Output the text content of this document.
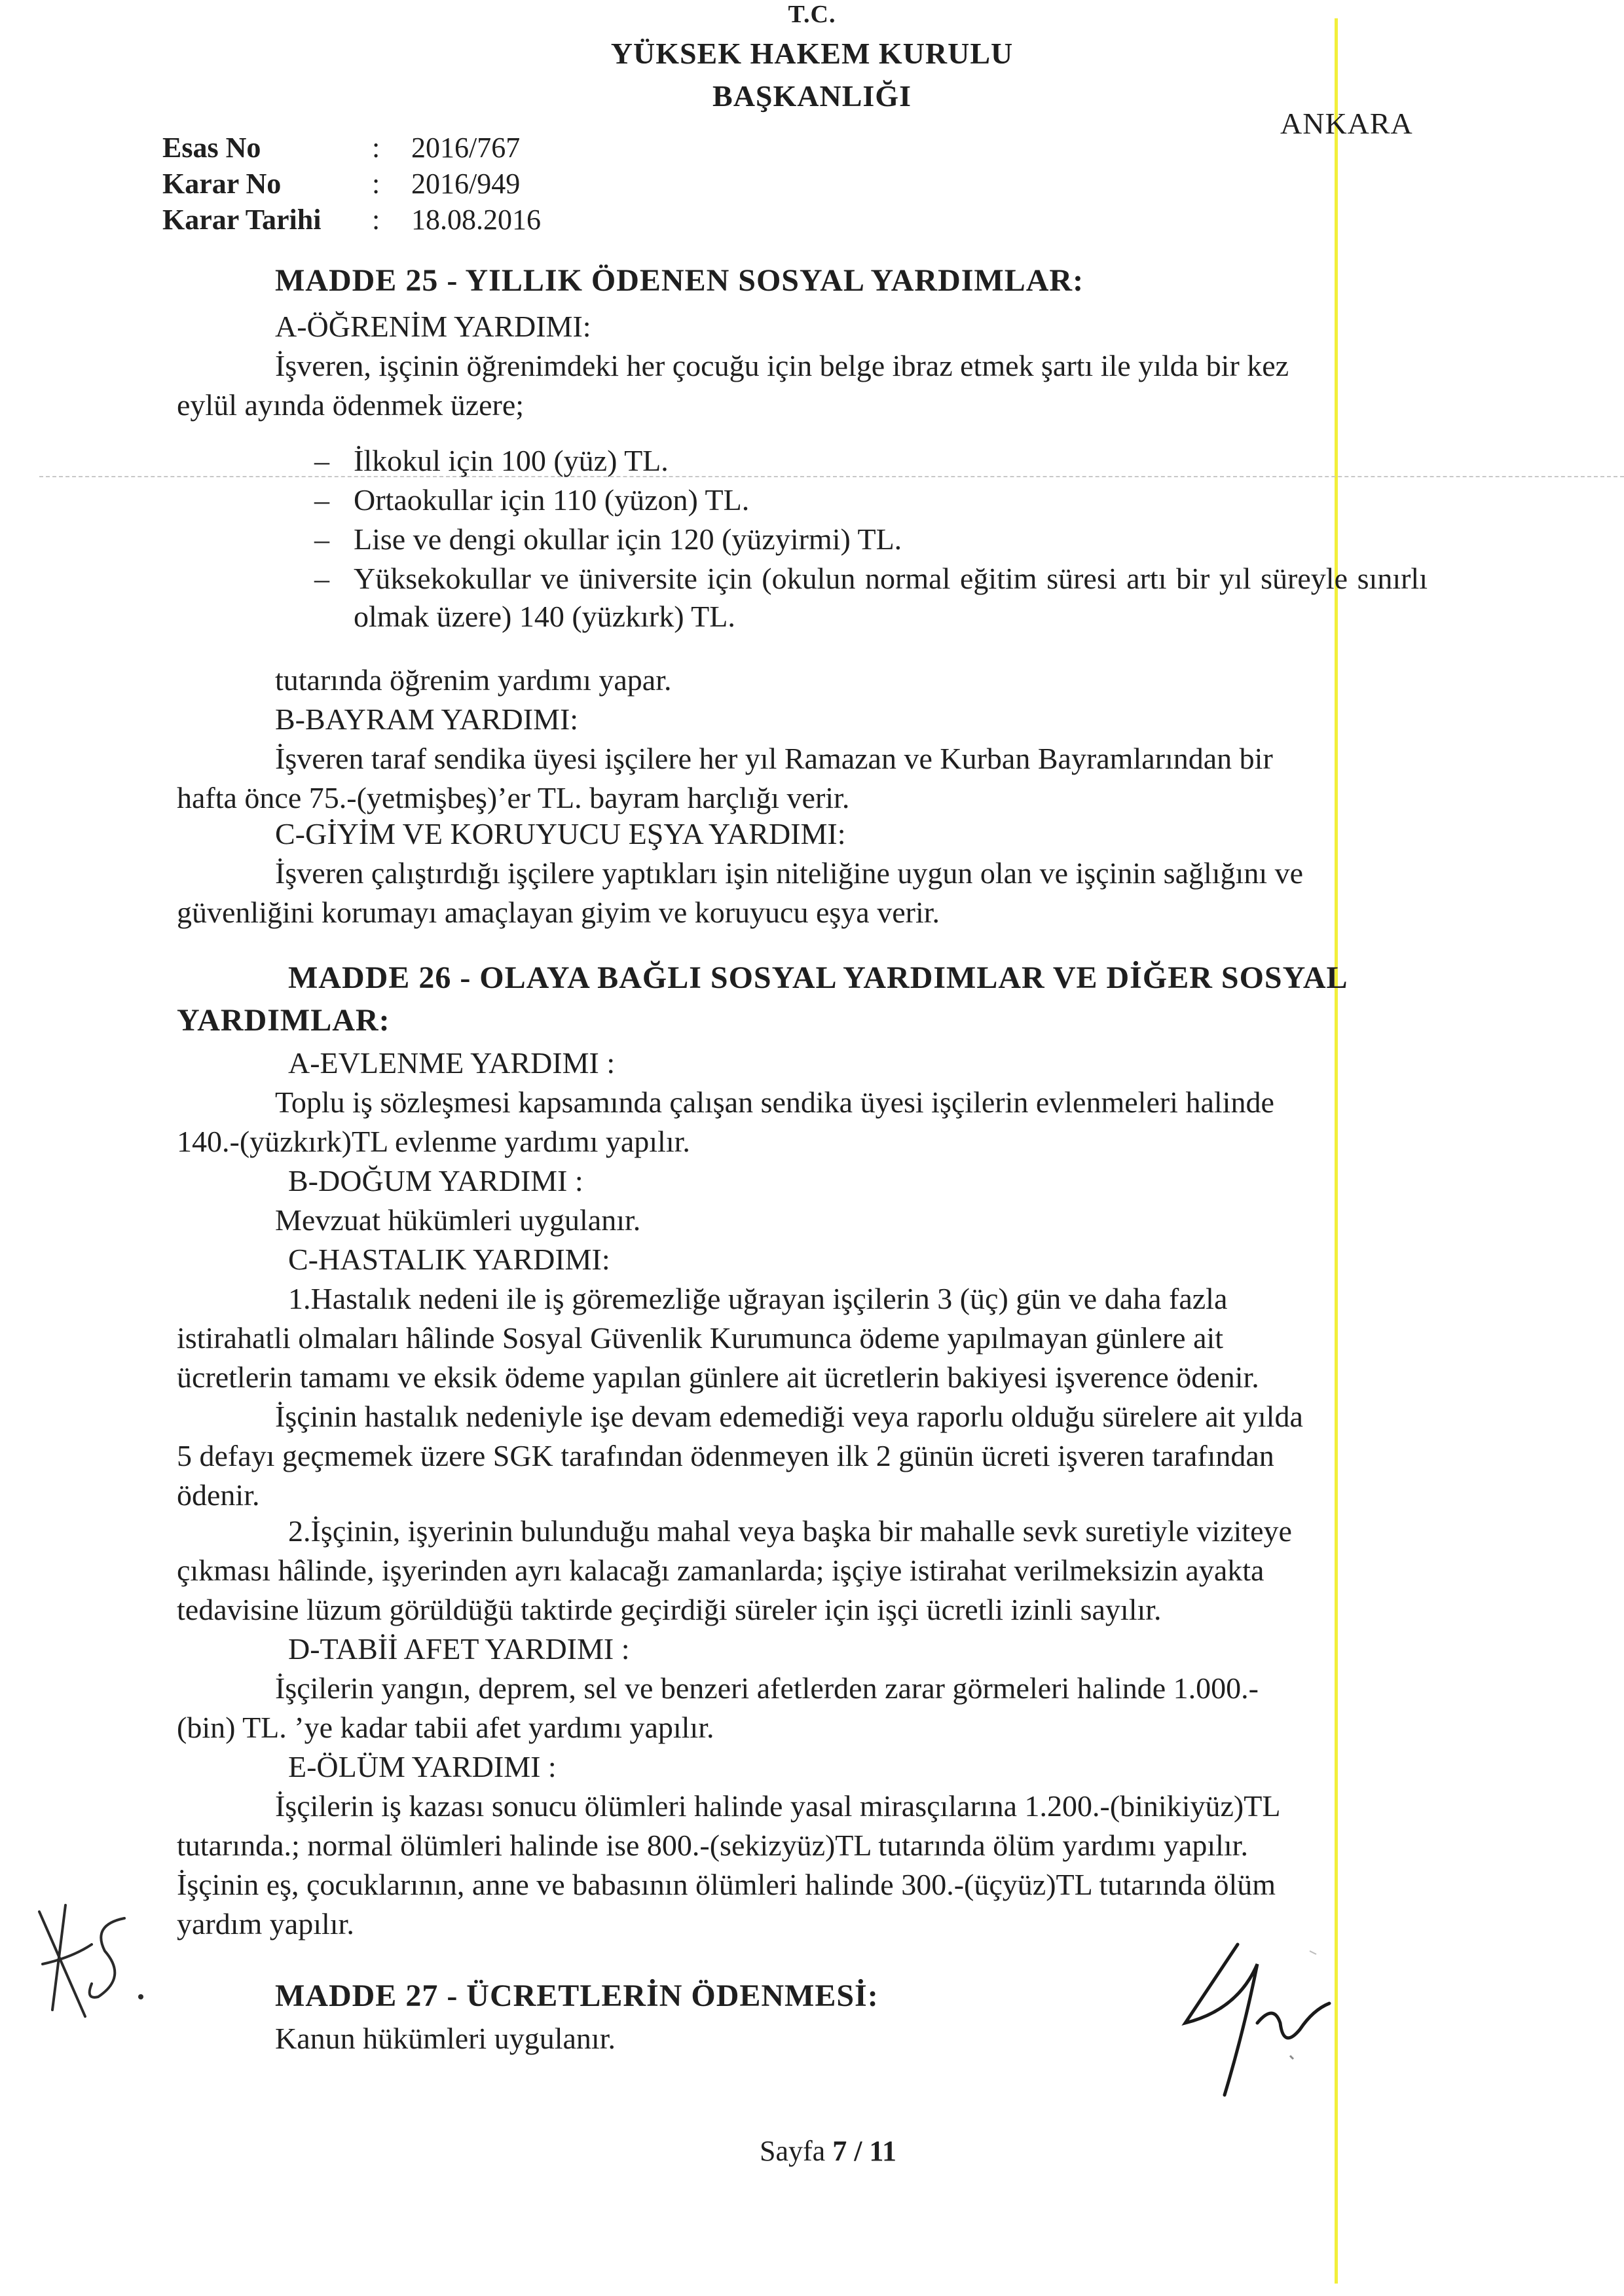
T.C.
YÜKSEK HAKEM KURULU
BAŞKANLIĞI
ANKARA
Esas No	:	2016/767
Karar No	:	2016/949
Karar Tarihi	:	18.08.2016
MADDE 25 - YILLIK ÖDENEN SOSYAL YARDIMLAR:
A-ÖĞRENİM YARDIMI:
İşveren, işçinin öğrenimdeki her çocuğu için belge ibraz etmek şartı ile yılda bir kez
eylül ayında ödenmek üzere;
– İlkokul için 100 (yüz) TL.
– Ortaokullar için 110 (yüzon) TL.
– Lise ve dengi okullar için 120 (yüzyirmi) TL.
– Yüksekokullar ve üniversite için (okulun normal eğitim süresi artı bir yıl süreyle sınırlı olmak üzere) 140 (yüzkırk) TL.
tutarında öğrenim yardımı yapar.
B-BAYRAM YARDIMI:
İşveren taraf sendika üyesi işçilere her yıl Ramazan ve Kurban Bayramlarından bir
hafta önce 75.-(yetmişbeş)’er TL. bayram harçlığı verir.
C-GİYİM VE KORUYUCU EŞYA YARDIMI:
İşveren çalıştırdığı işçilere yaptıkları işin niteliğine uygun olan ve işçinin sağlığını ve
güvenliğini korumayı amaçlayan giyim ve koruyucu eşya verir.
MADDE 26 - OLAYA BAĞLI SOSYAL YARDIMLAR VE DİĞER SOSYAL
YARDIMLAR:
A-EVLENME YARDIMI :
Toplu iş sözleşmesi kapsamında çalışan sendika üyesi işçilerin evlenmeleri halinde
140.-(yüzkırk)TL evlenme yardımı yapılır.
B-DOĞUM YARDIMI :
Mevzuat hükümleri uygulanır.
C-HASTALIK YARDIMI:
1.Hastalık nedeni ile iş göremezliğe uğrayan işçilerin 3 (üç) gün ve daha fazla
istirahatli olmaları hâlinde Sosyal Güvenlik Kurumunca ödeme yapılmayan günlere ait
ücretlerin tamamı ve eksik ödeme yapılan günlere ait ücretlerin bakiyesi işverence ödenir.
İşçinin hastalık nedeniyle işe devam edemediği veya raporlu olduğu sürelere ait yılda
5 defayı geçmemek üzere SGK tarafından ödenmeyen ilk 2 günün ücreti işveren tarafından
ödenir.
2.İşçinin, işyerinin bulunduğu mahal veya başka bir mahalle sevk suretiyle viziteye
çıkması hâlinde, işyerinden ayrı kalacağı zamanlarda; işçiye istirahat verilmeksizin ayakta
tedavisine lüzum görüldüğü taktirde geçirdiği süreler için işçi ücretli izinli sayılır.
D-TABİİ AFET YARDIMI :
İşçilerin yangın, deprem, sel ve benzeri afetlerden zarar görmeleri halinde 1.000.-
(bin) TL. ’ye kadar tabii afet yardımı yapılır.
E-ÖLÜM YARDIMI :
İşçilerin iş kazası sonucu ölümleri halinde yasal mirasçılarına 1.200.-(binikiyüz)TL
tutarında.; normal ölümleri halinde ise 800.-(sekizyüz)TL tutarında ölüm yardımı yapılır.
İşçinin eş, çocuklarının, anne ve babasının ölümleri halinde 300.-(üçyüz)TL tutarında ölüm
yardım yapılır.
MADDE 27 - ÜCRETLERİN ÖDENMESİ:
Kanun hükümleri uygulanır.
Sayfa 7 / 11
